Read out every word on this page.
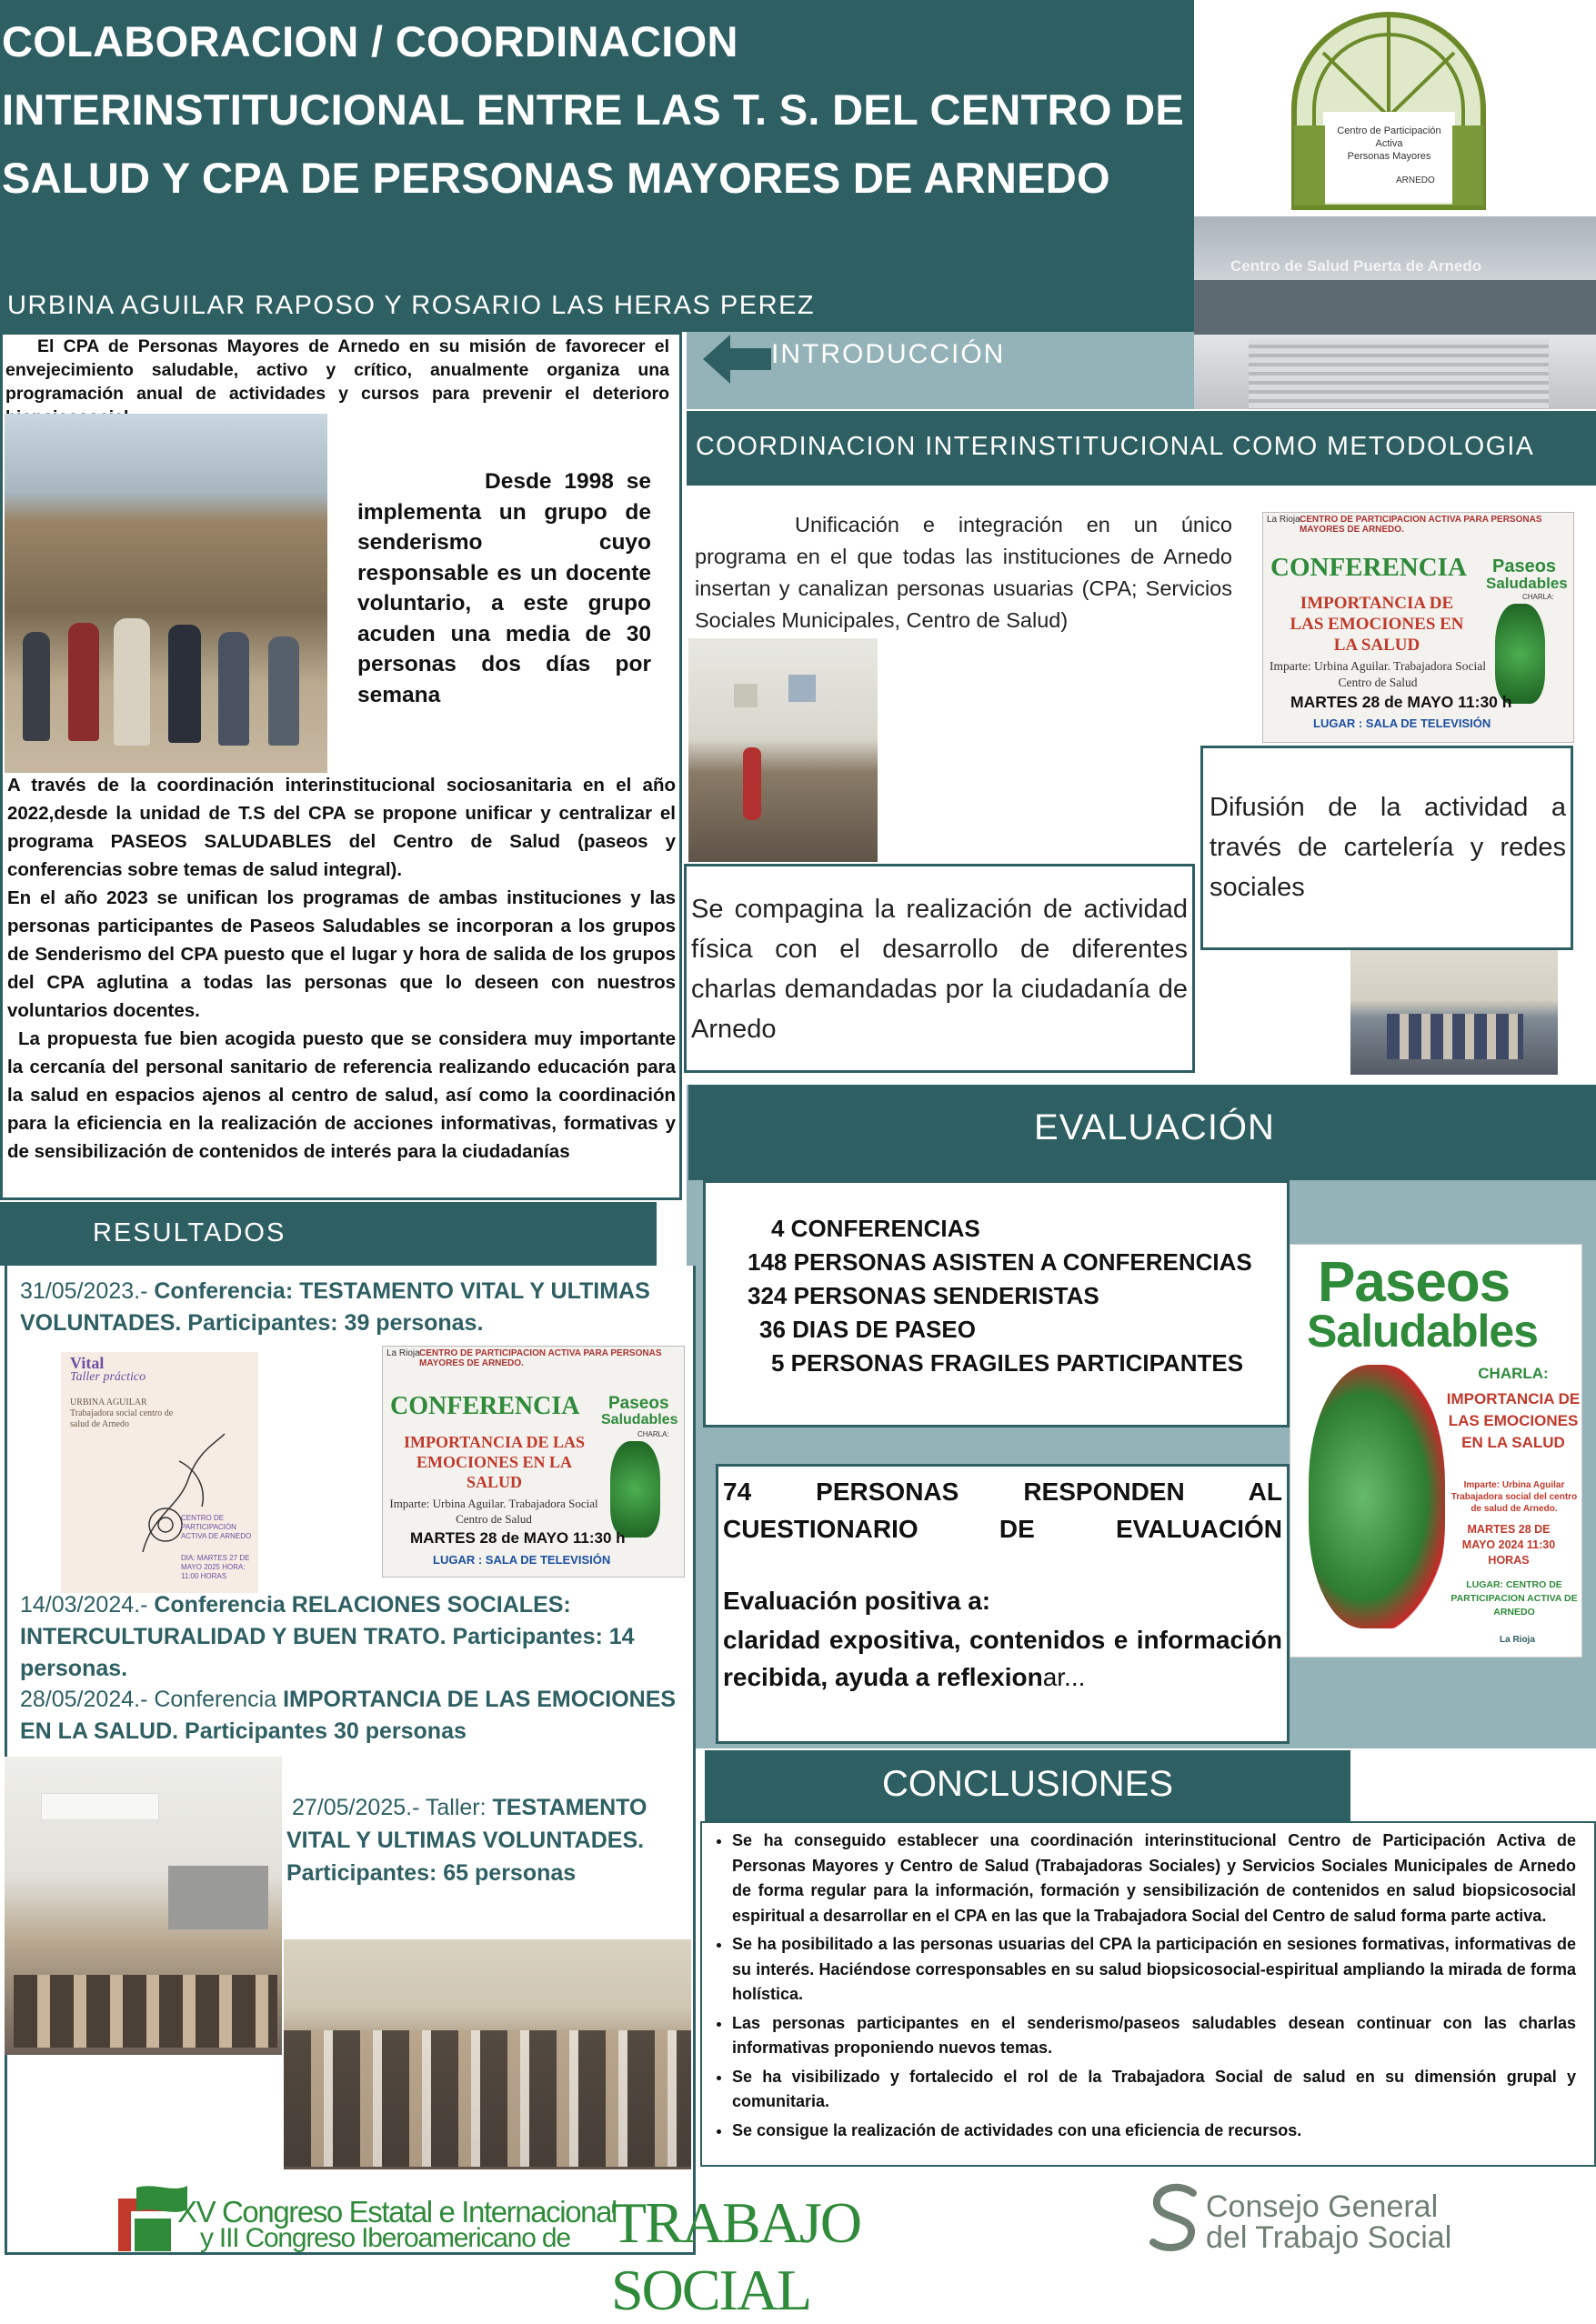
COLABORACION / COORDINACION INTERINSTITUCIONAL ENTRE LAS T. S. DEL CENTRO DE SALUD Y CPA DE PERSONAS MAYORES DE ARNEDO
URBINA AGUILAR RAPOSO Y ROSARIO LAS HERAS PEREZ
Centro de Participación
Activa
Personas Mayores
ARNEDO
Centro de Salud Puerta de Arnedo
El CPA de Personas Mayores de Arnedo en su misión de favorecer el envejecimiento saludable, activo y crítico, anualmente organiza una programación anual de actividades y cursos para prevenir el deterioro
Desde 1998 se implementa un grupo de senderismo cuyo responsable es un docente voluntario, a este grupo acuden una media de 30 personas dos días por semana
A través de la coordinación interinstitucional sociosanitaria en el año 2022,desde la unidad de T.S del CPA se propone unificar y centralizar el programa PASEOS SALUDABLES del Centro de Salud (paseos y conferencias sobre temas de salud integral).
En el año 2023 se unifican los programas de ambas instituciones y las personas participantes de Paseos Saludables se incorporan a los grupos de Senderismo del CPA puesto que el lugar y hora de salida de los grupos del CPA aglutina a todas las personas que lo deseen con nuestros voluntarios docentes.
La propuesta fue bien acogida puesto que se considera muy importante la cercanía del personal sanitario de referencia realizando educación para la salud en espacios ajenos al centro de salud, así como la coordinación para la eficiencia en la realización de acciones informativas, formativas y de sensibilización de contenidos de interés para la ciudadanías
INTRODUCCIÓN
COORDINACION INTERINSTITUCIONAL COMO METODOLOGIA
Unificación e integración en un único programa en el que todas las instituciones de Arnedo insertan y canalizan personas usuarias (CPA; Servicios Sociales Municipales, Centro de Salud)
CENTRO DE PARTICIPACION ACTIVA PARA PERSONAS MAYORES DE ARNEDO.
La Rioja
CONFERENCIA Paseos
Saludables
CHARLA:
IMPORTANCIA DE LAS EMOCIONES EN LA SALUD
Imparte: Urbina Aguilar. Trabajadora Social Centro de Salud
MARTES 28 de MAYO 11:30 h
LUGAR : SALA DE TELEVISIÓN
Difusión de la actividad a través de cartelería y redes sociales
Se compagina la realización de actividad física con el desarrollo de diferentes charlas demandadas por la ciudadanía de Arnedo
EVALUACIÓN
4 CONFERENCIAS
148 PERSONAS ASISTEN A CONFERENCIAS
324 PERSONAS SENDERISTAS
36 DIAS DE PASEO
5 PERSONAS FRAGILES PARTICIPANTES
74 PERSONAS RESPONDEN AL CUESTIONARIO DE EVALUACIÓN
Evaluación positiva a:
claridad expositiva, contenidos e información recibida, ayuda a reflexionar...
Paseos
Saludables
CHARLA:
IMPORTANCIA DE LAS EMOCIONES EN LA SALUD
Imparte: Urbina Aguilar Trabajadora social del centro de salud de Arnedo.
MARTES 28 DE MAYO 2024 11:30 HORAS
LUGAR: CENTRO DE PARTICIPACION ACTIVA DE ARNEDO
La Rioja
CONCLUSIONES
• Se ha conseguido establecer una coordinación interinstitucional Centro de Participación Activa de Personas Mayores y Centro de Salud (Trabajadoras Sociales) y Servicios Sociales Municipales de Arnedo de forma regular para la información, formación y sensibilización de contenidos en salud biopsicosocial espiritual a desarrollar en el CPA en las que la Trabajadora Social del Centro de salud forma parte activa.
• Se ha posibilitado a las personas usuarias del CPA la participación en sesiones formativas, informativas de su interés. Haciéndose corresponsables en su salud biopsicosocial-espiritual ampliando la mirada de forma holística.
• Las personas participantes en el senderismo/paseos saludables desean continuar con las charlas informativas proponiendo nuevos temas.
• Se ha visibilizado y fortalecido el rol de la Trabajadora Social de salud en su dimensión grupal y comunitaria.
• Se consigue la realización de actividades con una eficiencia de recursos.
RESULTADOS
31/05/2023.- Conferencia: TESTAMENTO VITAL Y ULTIMAS VOLUNTADES. Participantes: 39 personas.
Vital
Taller práctico
URBINA AGUILAR Trabajadora social centro de salud de Arnedo
CENTRO DE PARTICIPACIÓN ACTIVA DE ARNEDO
DIA: MARTES 27 DE MAYO 2025 HORA: 11:00 HORAS
CENTRO DE PARTICIPACION ACTIVA PARA PERSONAS MAYORES DE ARNEDO.
La Rioja
CONFERENCIA Paseos
Saludables
CHARLA:
IMPORTANCIA DE LAS EMOCIONES EN LA SALUD
Imparte: Urbina Aguilar. Trabajadora Social Centro de Salud
MARTES 28 de MAYO 11:30 h
LUGAR : SALA DE TELEVISIÓN
14/03/2024.- Conferencia RELACIONES SOCIALES: INTERCULTURALIDAD Y BUEN TRATO. Participantes: 14 personas.
28/05/2024.- Conferencia IMPORTANCIA DE LAS EMOCIONES EN LA SALUD. Participantes 30 personas
27/05/2025.- Taller: TESTAMENTO VITAL Y ULTIMAS VOLUNTADES. Participantes: 65 personas
XV Congreso Estatal e Internacional
y III Congreso Iberoamericano de TRABAJO SOCIAL
Consejo General
del Trabajo Social
